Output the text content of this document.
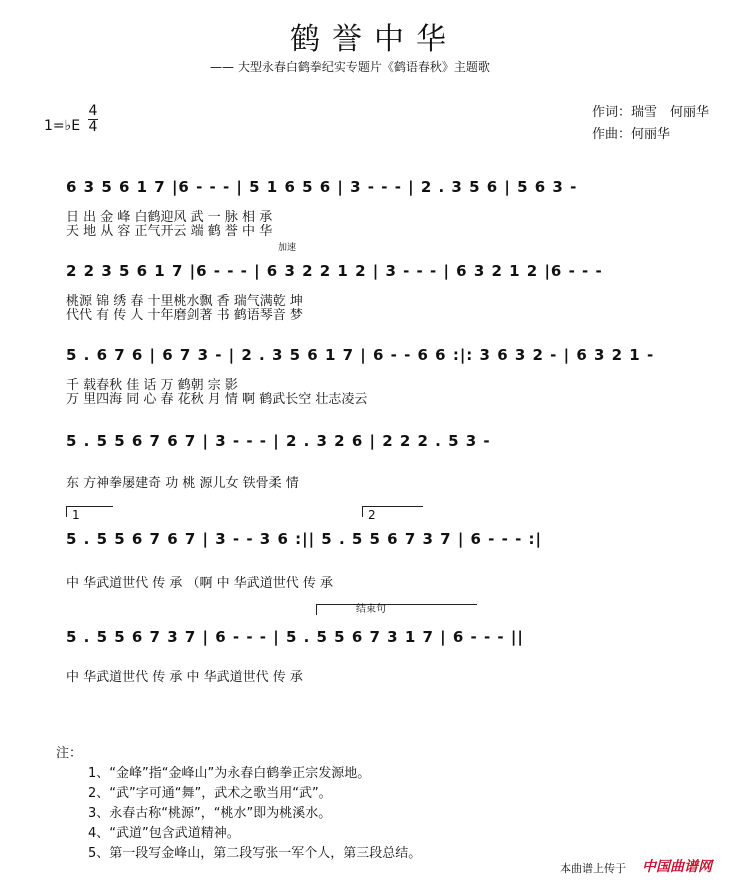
鹤誉中华
—— 大型永春白鹤拳纪实专题片《鹤语春秋》主题歌
1=♭E
4
4
作词：瑞雪　何丽华
作曲：何丽华
6 3 5 6 1 7 |6 - - - | 5 1 6 5 6 | 3 - - - | 2 . 3 5 6 | 5 6 3 -
日 出 金 峰 白鹤迎风 武 一 脉 相 承
天 地 从 容 正气开云 端 鹤 誉 中 华
加速
2 2 3 5 6 1 7 |6 - - - | 6 3 2 2 1 2 | 3 - - - | 6 3 2 1 2 |6 - - -
桃源 锦 绣 春 十里桃水飘 香 瑞气满乾 坤
代代 有 传 人 十年磨剑著 书 鹤语琴音 梦
5 . 6 7 6 | 6 7 3 - | 2 . 3 5 6 1 7 | 6 - - 6 6 :|: 3 6 3 2 - | 6 3 2 1 -
千 载春秋 佳 话 万 鹤朝 宗 影
万 里四海 同 心 春 花秋 月 情 啊 鹤武长空 壮志凌云
5 . 5 5 6 7 6 7 | 3 - - - | 2 . 3 2 6 | 2 2 2 . 5 3 -
东 方神拳屡建奇 功 桃 源儿女 铁骨柔 情
1	2
5 . 5 5 6 7 6 7 | 3 - - 3 6 :|| 5 . 5 5 6 7 3 7 | 6 - - - :|
中 华武道世代 传 承 （啊 中 华武道世代 传 承
结束句
5 . 5 5 6 7 3 7 | 6 - - - | 5 . 5 5 6 7 3 1 7 | 6 - - - ||
中 华武道世代 传 承 中 华武道世代 传 承
注：
1、“金峰”指“金峰山”为永春白鹤拳正宗发源地。
2、“武”字可通“舞”，武术之歌当用“武”。
3、永春古称“桃源”，“桃水”即为桃溪水。
4、“武道”包含武道精神。
5、第一段写金峰山，第二段写张一军个人，第三段总结。
本曲谱上传于 中国曲谱网
